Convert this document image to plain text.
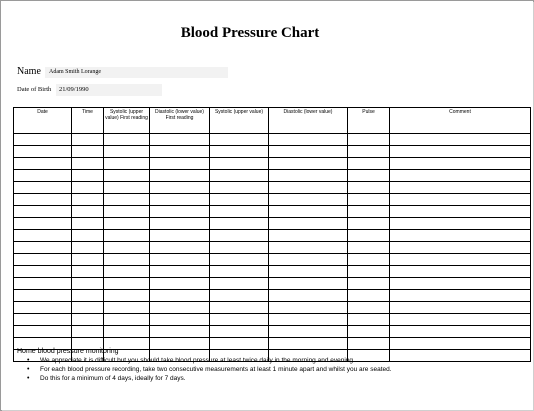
Blood Pressure Chart
Name Adam Smith Lorange
Date of Birth 21/09/1990
Date	Time	Systolic (upper value) First reading	Diastolic (lower value) First reading	Systolic (upper value)	Diastolic (lower value)	Pulse	Comment

Home blood pressure monitoring
• We appreciate it is difficult but you should take blood pressure at least twice daily in the morning and evening.
• For each blood pressure recording, take two consecutive measurements at least 1 minute apart and whilst you are seated.
• Do this for a minimum of 4 days, ideally for 7 days.
